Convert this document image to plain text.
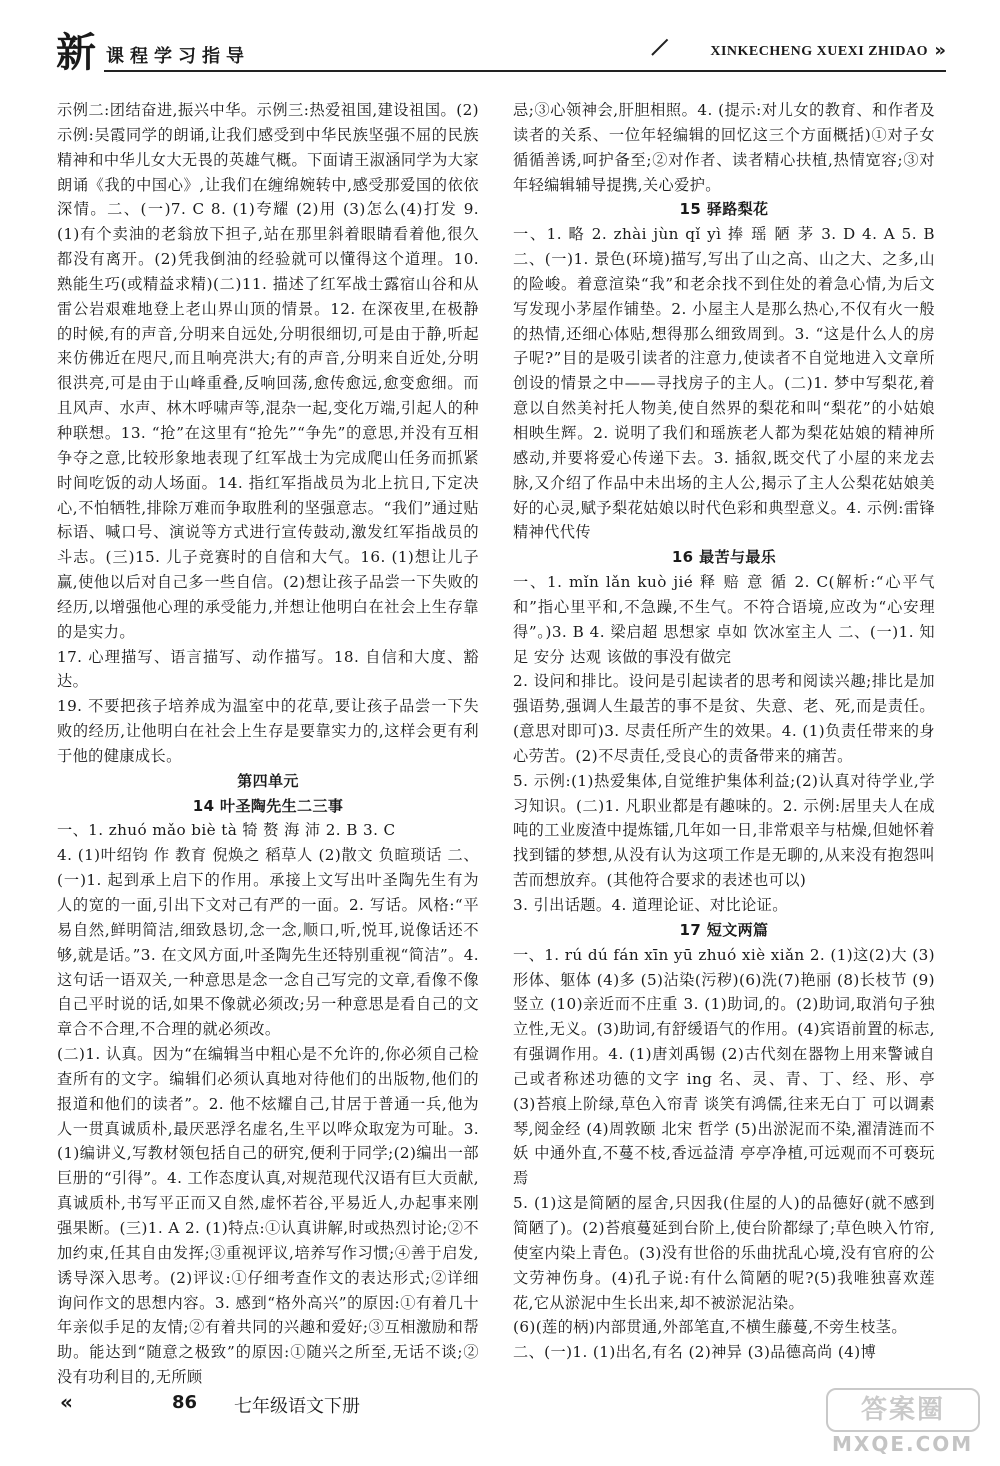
新 课程学习指导	XINKECHENG XUEXI ZHIDAO »

示例二:团结奋进,振兴中华。示例三:热爱祖国,建设祖国。(2)示例:吴霞同学的朗诵,让我们感受到中华民族坚强不屈的民族精神和中华儿女大无畏的英雄气概。下面请王淑涵同学为大家朗诵《我的中国心》,让我们在缠绵婉转中,感受那爱国的依依深情。二、(一)7. C 8. (1)夸耀 (2)用 (3)怎么(4)打发 9. (1)有个卖油的老翁放下担子,站在那里斜着眼睛看着他,很久都没有离开。(2)凭我倒油的经验就可以懂得这个道理。10. 熟能生巧(或精益求精)(二)11. 描述了红军战士露宿山谷和从雷公岩艰难地登上老山界山顶的情景。12. 在深夜里,在极静的时候,有的声音,分明来自远处,分明很细切,可是由于静,听起来仿佛近在咫尺,而且响亮洪大;有的声音,分明来自近处,分明很洪亮,可是由于山峰重叠,反响回荡,愈传愈远,愈变愈细。而且风声、水声、林木呼啸声等,混杂一起,变化万端,引起人的种种联想。13. “抢”在这里有“抢先”“争先”的意思,并没有互相争夺之意,比较形象地表现了红军战士为完成爬山任务而抓紧时间吃饭的动人场面。14. 指红军指战员为北上抗日,下定决心,不怕牺牲,排除万难而争取胜利的坚强意志。“我们”通过贴标语、喊口号、演说等方式进行宣传鼓动,激发红军指战员的斗志。(三)15. 儿子竞赛时的自信和大气。16. (1)想让儿子赢,使他以后对自己多一些自信。(2)想让孩子品尝一下失败的经历,以增强他心理的承受能力,并想让他明白在社会上生存靠的是实力。

17. 心理描写、语言描写、动作描写。18. 自信和大度、豁达。

19. 不要把孩子培养成为温室中的花草,要让孩子品尝一下失败的经历,让他明白在社会上生存是要靠实力的,这样会更有利于他的健康成长。

第四单元

14 叶圣陶先生二三事

一、1. zhuó mǎo biè tà 犄 赘 海 沛 2. B 3. C

4. (1)叶绍钧 作 教育 倪焕之 稻草人 (2)散文 负暄琐话 二、(一)1. 起到承上启下的作用。承接上文写出叶圣陶先生有为人的宽的一面,引出下文对己有严的一面。2. 写话。风格:“平易自然,鲜明简洁,细致恳切,念一念,顺口,听,悦耳,说像话还不够,就是话。”3. 在文风方面,叶圣陶先生还特别重视“简洁”。4. 这句话一语双关,一种意思是念一念自己写完的文章,看像不像自己平时说的话,如果不像就必须改;另一种意思是看自己的文章合不合理,不合理的就必须改。

(二)1. 认真。因为“在编辑当中粗心是不允许的,你必须自己检查所有的文字。编辑们必须认真地对待他们的出版物,他们的报道和他们的读者”。2. 他不炫耀自己,甘居于普通一兵,他为人一贯真诚质朴,最厌恶浮名虚名,生平以哗众取宠为可耻。3. (1)编讲义,写教材领包括自己的研究,便利于同学;(2)编出一部巨册的“引得”。4. 工作态度认真,对规范现代汉语有巨大贡献,真诚质朴,书写平正而又自然,虚怀若谷,平易近人,办起事来刚强果断。(三)1. A 2. (1)特点:①认真讲解,时或热烈讨论;②不加约束,任其自由发挥;③重视评议,培养写作习惯;④善于启发,诱导深入思考。(2)评议:①仔细考查作文的表达形式;②详细询问作文的思想内容。3. 感到“格外高兴”的原因:①有着几十年亲似手足的友情;②有着共同的兴趣和爱好;③互相激励和帮助。能达到“随意之极致”的原因:①随兴之所至,无话不谈;②没有功利目的,无所顾

忌;③心领神会,肝胆相照。4. (提示:对儿女的教育、和作者及读者的关系、一位年轻编辑的回忆这三个方面概括)①对子女循循善诱,呵护备至;②对作者、读者精心扶植,热情宽容;③对年轻编辑辅导提携,关心爱护。

15 驿路梨花

一、1. 略 2. zhài jùn qǐ yì 捧 瑶 陋 茅 3. D 4. A 5. B 二、(一)1. 景色(环境)描写,写出了山之高、山之大、之多,山的险峻。着意渲染“我”和老余找不到住处的着急心情,为后文写发现小茅屋作铺垫。2. 小屋主人是那么热心,不仅有火一般的热情,还细心体贴,想得那么细致周到。3. “这是什么人的房子呢?”目的是吸引读者的注意力,使读者不自觉地进入文章所创设的情景之中——寻找房子的主人。(二)1. 梦中写梨花,着意以自然美衬托人物美,使自然界的梨花和叫“梨花”的小姑娘相映生辉。2. 说明了我们和瑶族老人都为梨花姑娘的精神所感动,并要将爱心传递下去。3. 插叙,既交代了小屋的来龙去脉,又介绍了作品中未出场的主人公,揭示了主人公梨花姑娘美好的心灵,赋予梨花姑娘以时代色彩和典型意义。4. 示例:雷锋精神代代传

16 最苦与最乐

一、1. mǐn lǎn kuò jié 释 赔 意 循 2. C(解析:“心平气和”指心里平和,不急躁,不生气。不符合语境,应改为“心安理得”。)3. B 4. 梁启超 思想家 卓如 饮冰室主人 二、(一)1. 知足 安分 达观 该做的事没有做完

2. 设问和排比。设问是引起读者的思考和阅读兴趣;排比是加强语势,强调人生最苦的事不是贫、失意、老、死,而是责任。(意思对即可)3. 尽责任所产生的效果。4. (1)负责任带来的身心劳苦。(2)不尽责任,受良心的责备带来的痛苦。

5. 示例:(1)热爱集体,自觉维护集体利益;(2)认真对待学业,学习知识。(二)1. 凡职业都是有趣味的。2. 示例:居里夫人在成吨的工业废渣中提炼镭,几年如一日,非常艰辛与枯燥,但她怀着找到镭的梦想,从没有认为这项工作是无聊的,从来没有抱怨叫苦而想放弃。(其他符合要求的表述也可以)

3. 引出话题。4. 道理论证、对比论证。

17 短文两篇

一、1. rú dú fán xīn yū zhuó xiè xiǎn 2. (1)这(2)大 (3)形体、躯体 (4)多 (5)沾染(污秽)(6)洗(7)艳丽 (8)长枝节 (9)竖立 (10)亲近而不庄重 3. (1)助词,的。(2)助词,取消句子独立性,无义。(3)助词,有舒缓语气的作用。(4)宾语前置的标志,有强调作用。4. (1)唐刘禹锡 (2)古代刻在器物上用来警诫自己或者称述功德的文字 ing 名、灵、青、丁、经、形、亭 (3)苔痕上阶绿,草色入帘青 谈笑有鸿儒,往来无白丁 可以调素琴,阅金经 (4)周敦颐 北宋 哲学 (5)出淤泥而不染,濯清涟而不妖 中通外直,不蔓不枝,香远益清 亭亭净植,可远观而不可亵玩焉

5. (1)这是简陋的屋舍,只因我(住屋的人)的品德好(就不感到简陋了)。(2)苔痕蔓延到台阶上,使台阶都绿了;草色映入竹帘,使室内染上青色。(3)没有世俗的乐曲扰乱心境,没有官府的公文劳神伤身。(4)孔子说:有什么简陋的呢?(5)我唯独喜欢莲花,它从淤泥中生长出来,却不被淤泥沾染。

(6)(莲的柄)内部贯通,外部笔直,不横生藤蔓,不旁生枝茎。

二、(一)1. (1)出名,有名 (2)神异 (3)品德高尚 (4)博

«	86 七年级语文下册	答案圈
MXQE.COM
